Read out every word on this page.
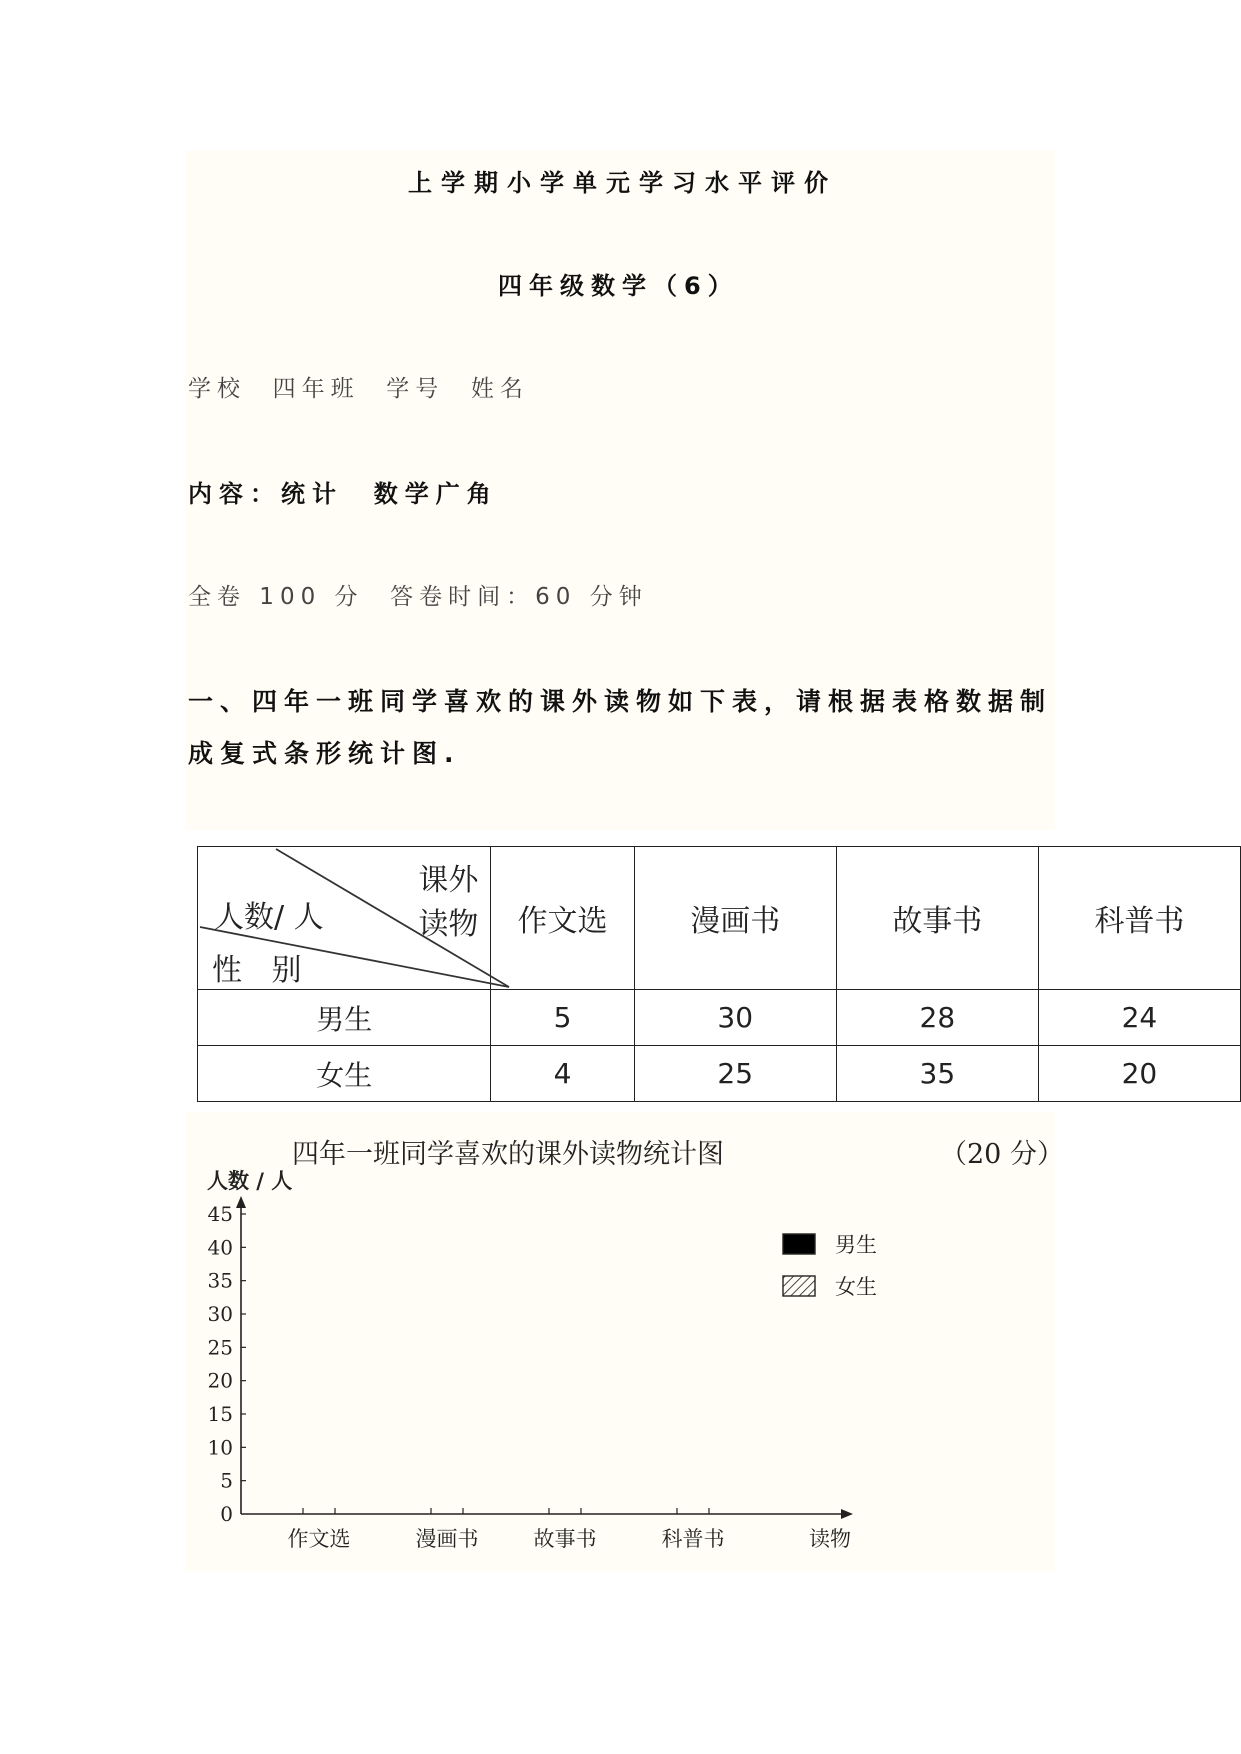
上学期小学单元学习水平评价
四年级数学（6）
学校  四年班  学号  姓名
内容：统计  数学广角
全卷 100 分  答卷时间：60 分钟
一、四年一班同学喜欢的课外读物如下表，请根据表格数据制成复式条形统计图.
人数/ 人
性 别
课外
读物	作文选	漫画书	故事书	科普书
男生	5	30	28	24
女生	4	25	35	20
四年一班同学喜欢的课外读物统计图	（20 分）
人数 / 人
0
5
10
15
20
25
30
35
40
45
作文选	漫画书	故事书	科普书	读物
男生
女生
